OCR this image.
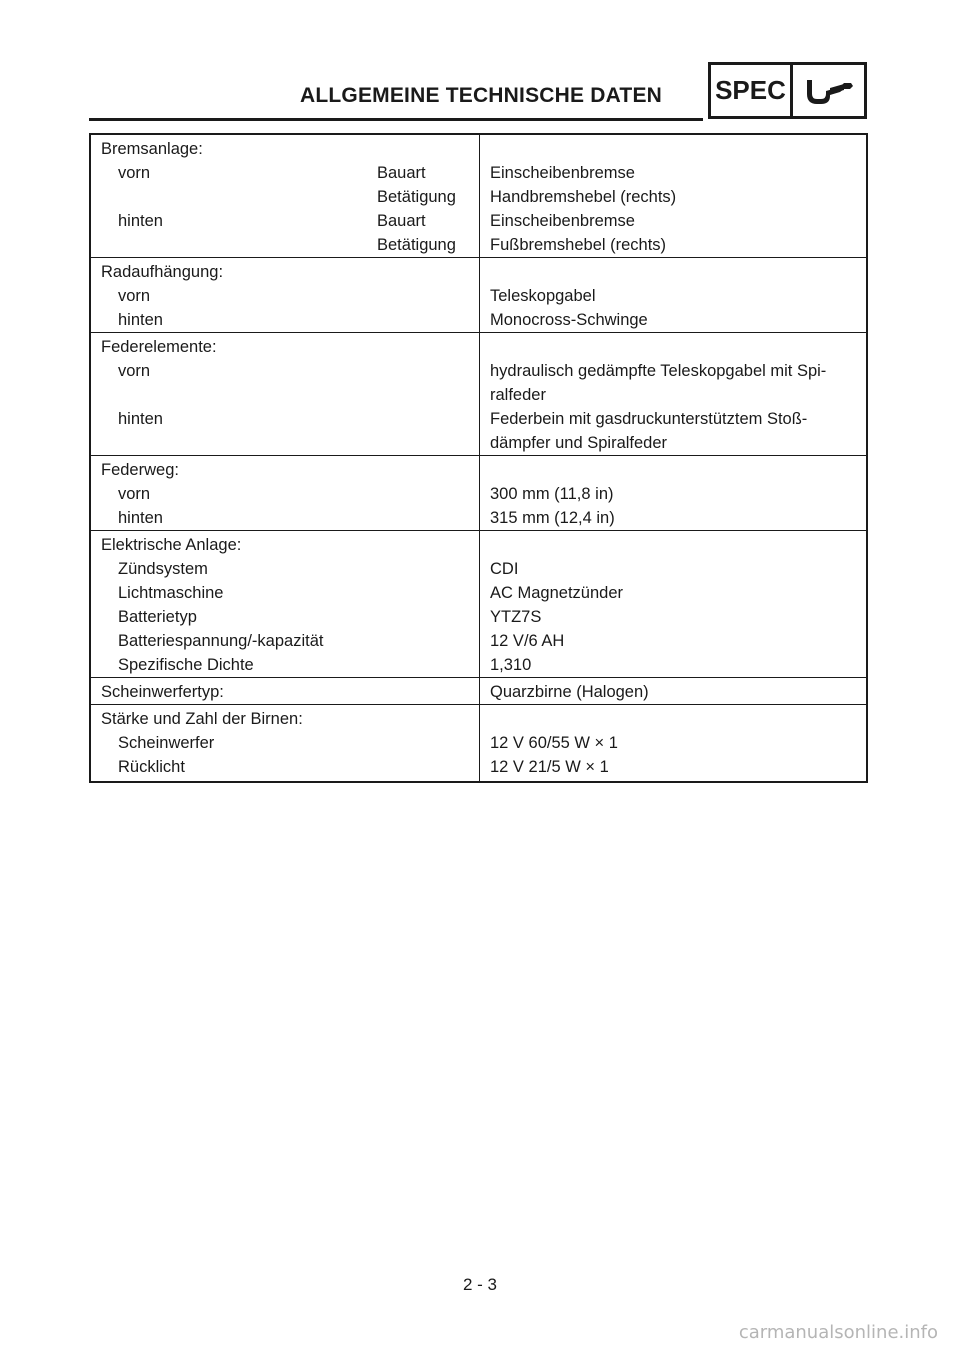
ALLGEMEINE TECHNISCHE DATEN SPEC
Bremsanlage:	

vorn Bauart	Einscheibenbremse

Betätigung	Handbremshebel (rechts)

hinten Bauart	Einscheibenbremse

Betätigung	Fußbremshebel (rechts)

Radaufhängung:	

vorn	Teleskopgabel

hinten	Monocross-Schwinge

Federelemente:	

vorn	hydraulisch gedämpfte Teleskopgabel mit Spi-
ralfeder

hinten	Federbein mit gasdruckunterstütztem Stoß-
dämpfer und Spiralfeder

Federweg:	

vorn	300 mm (11,8 in)

hinten	315 mm (12,4 in)

Elektrische Anlage:	

Zündsystem	CDI

Lichtmaschine	AC Magnetzünder

Batterietyp	YTZ7S

Batteriespannung/-kapazität	12 V/6 AH

Spezifische Dichte	1,310

Scheinwerfertyp:	Quarzbirne (Halogen)

Stärke und Zahl der Birnen:	

Scheinwerfer	12 V 60/55 W × 1

Rücklicht	12 V 21/5 W × 1
2 - 3
carmanualsonline.info
